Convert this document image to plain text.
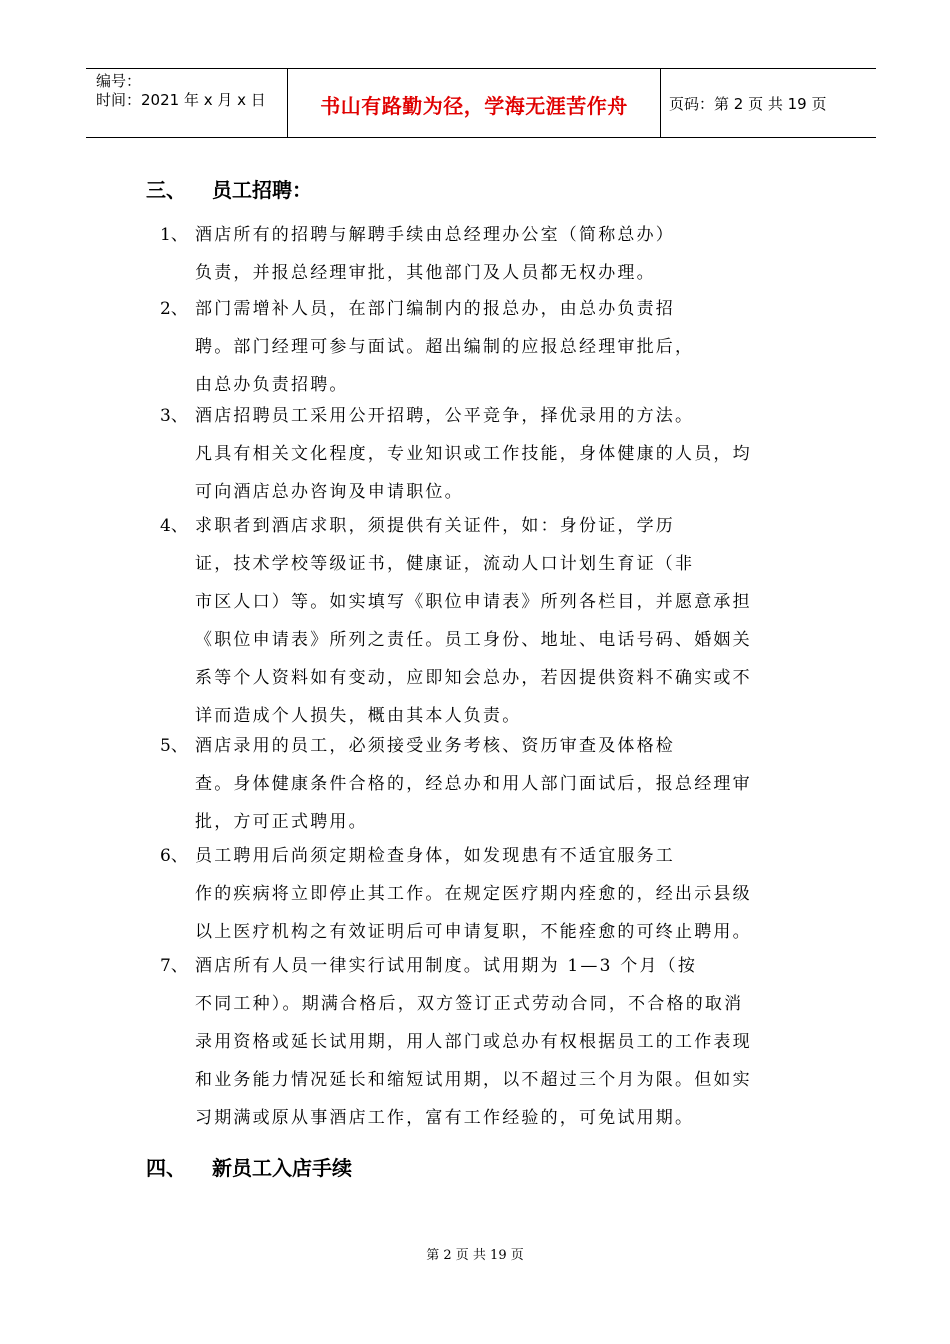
编号：
时间：2021 年 x 月 x 日	书山有路勤为径，学海无涯苦作舟	页码：第 2 页 共 19 页
三、 员工招聘：
1、 酒店所有的招聘与解聘手续由总经理办公室（简称总办）
负责，并报总经理审批，其他部门及人员都无权办理。
2、 部门需增补人员，在部门编制内的报总办，由总办负责招
聘。部门经理可参与面试。超出编制的应报总经理审批后，
由总办负责招聘。
3、 酒店招聘员工采用公开招聘，公平竞争，择优录用的方法。
凡具有相关文化程度，专业知识或工作技能，身体健康的人员，均
可向酒店总办咨询及申请职位。
4、 求职者到酒店求职，须提供有关证件，如：身份证，学历
证，技术学校等级证书，健康证，流动人口计划生育证（非
市区人口）等。如实填写《职位申请表》所列各栏目，并愿意承担
《职位申请表》所列之责任。员工身份、地址、电话号码、婚姻关
系等个人资料如有变动，应即知会总办，若因提供资料不确实或不
详而造成个人损失，概由其本人负责。
5、 酒店录用的员工，必须接受业务考核、资历审查及体格检
查。身体健康条件合格的，经总办和用人部门面试后，报总经理审
批，方可正式聘用。
6、 员工聘用后尚须定期检查身体，如发现患有不适宜服务工
作的疾病将立即停止其工作。在规定医疗期内痊愈的，经出示县级
以上医疗机构之有效证明后可申请复职，不能痊愈的可终止聘用。
7、 酒店所有人员一律实行试用制度。试用期为 1—3 个月（按
不同工种）。期满合格后，双方签订正式劳动合同，不合格的取消
录用资格或延长试用期，用人部门或总办有权根据员工的工作表现
和业务能力情况延长和缩短试用期，以不超过三个月为限。但如实
习期满或原从事酒店工作，富有工作经验的，可免试用期。
四、 新员工入店手续
第 2 页 共 19 页
